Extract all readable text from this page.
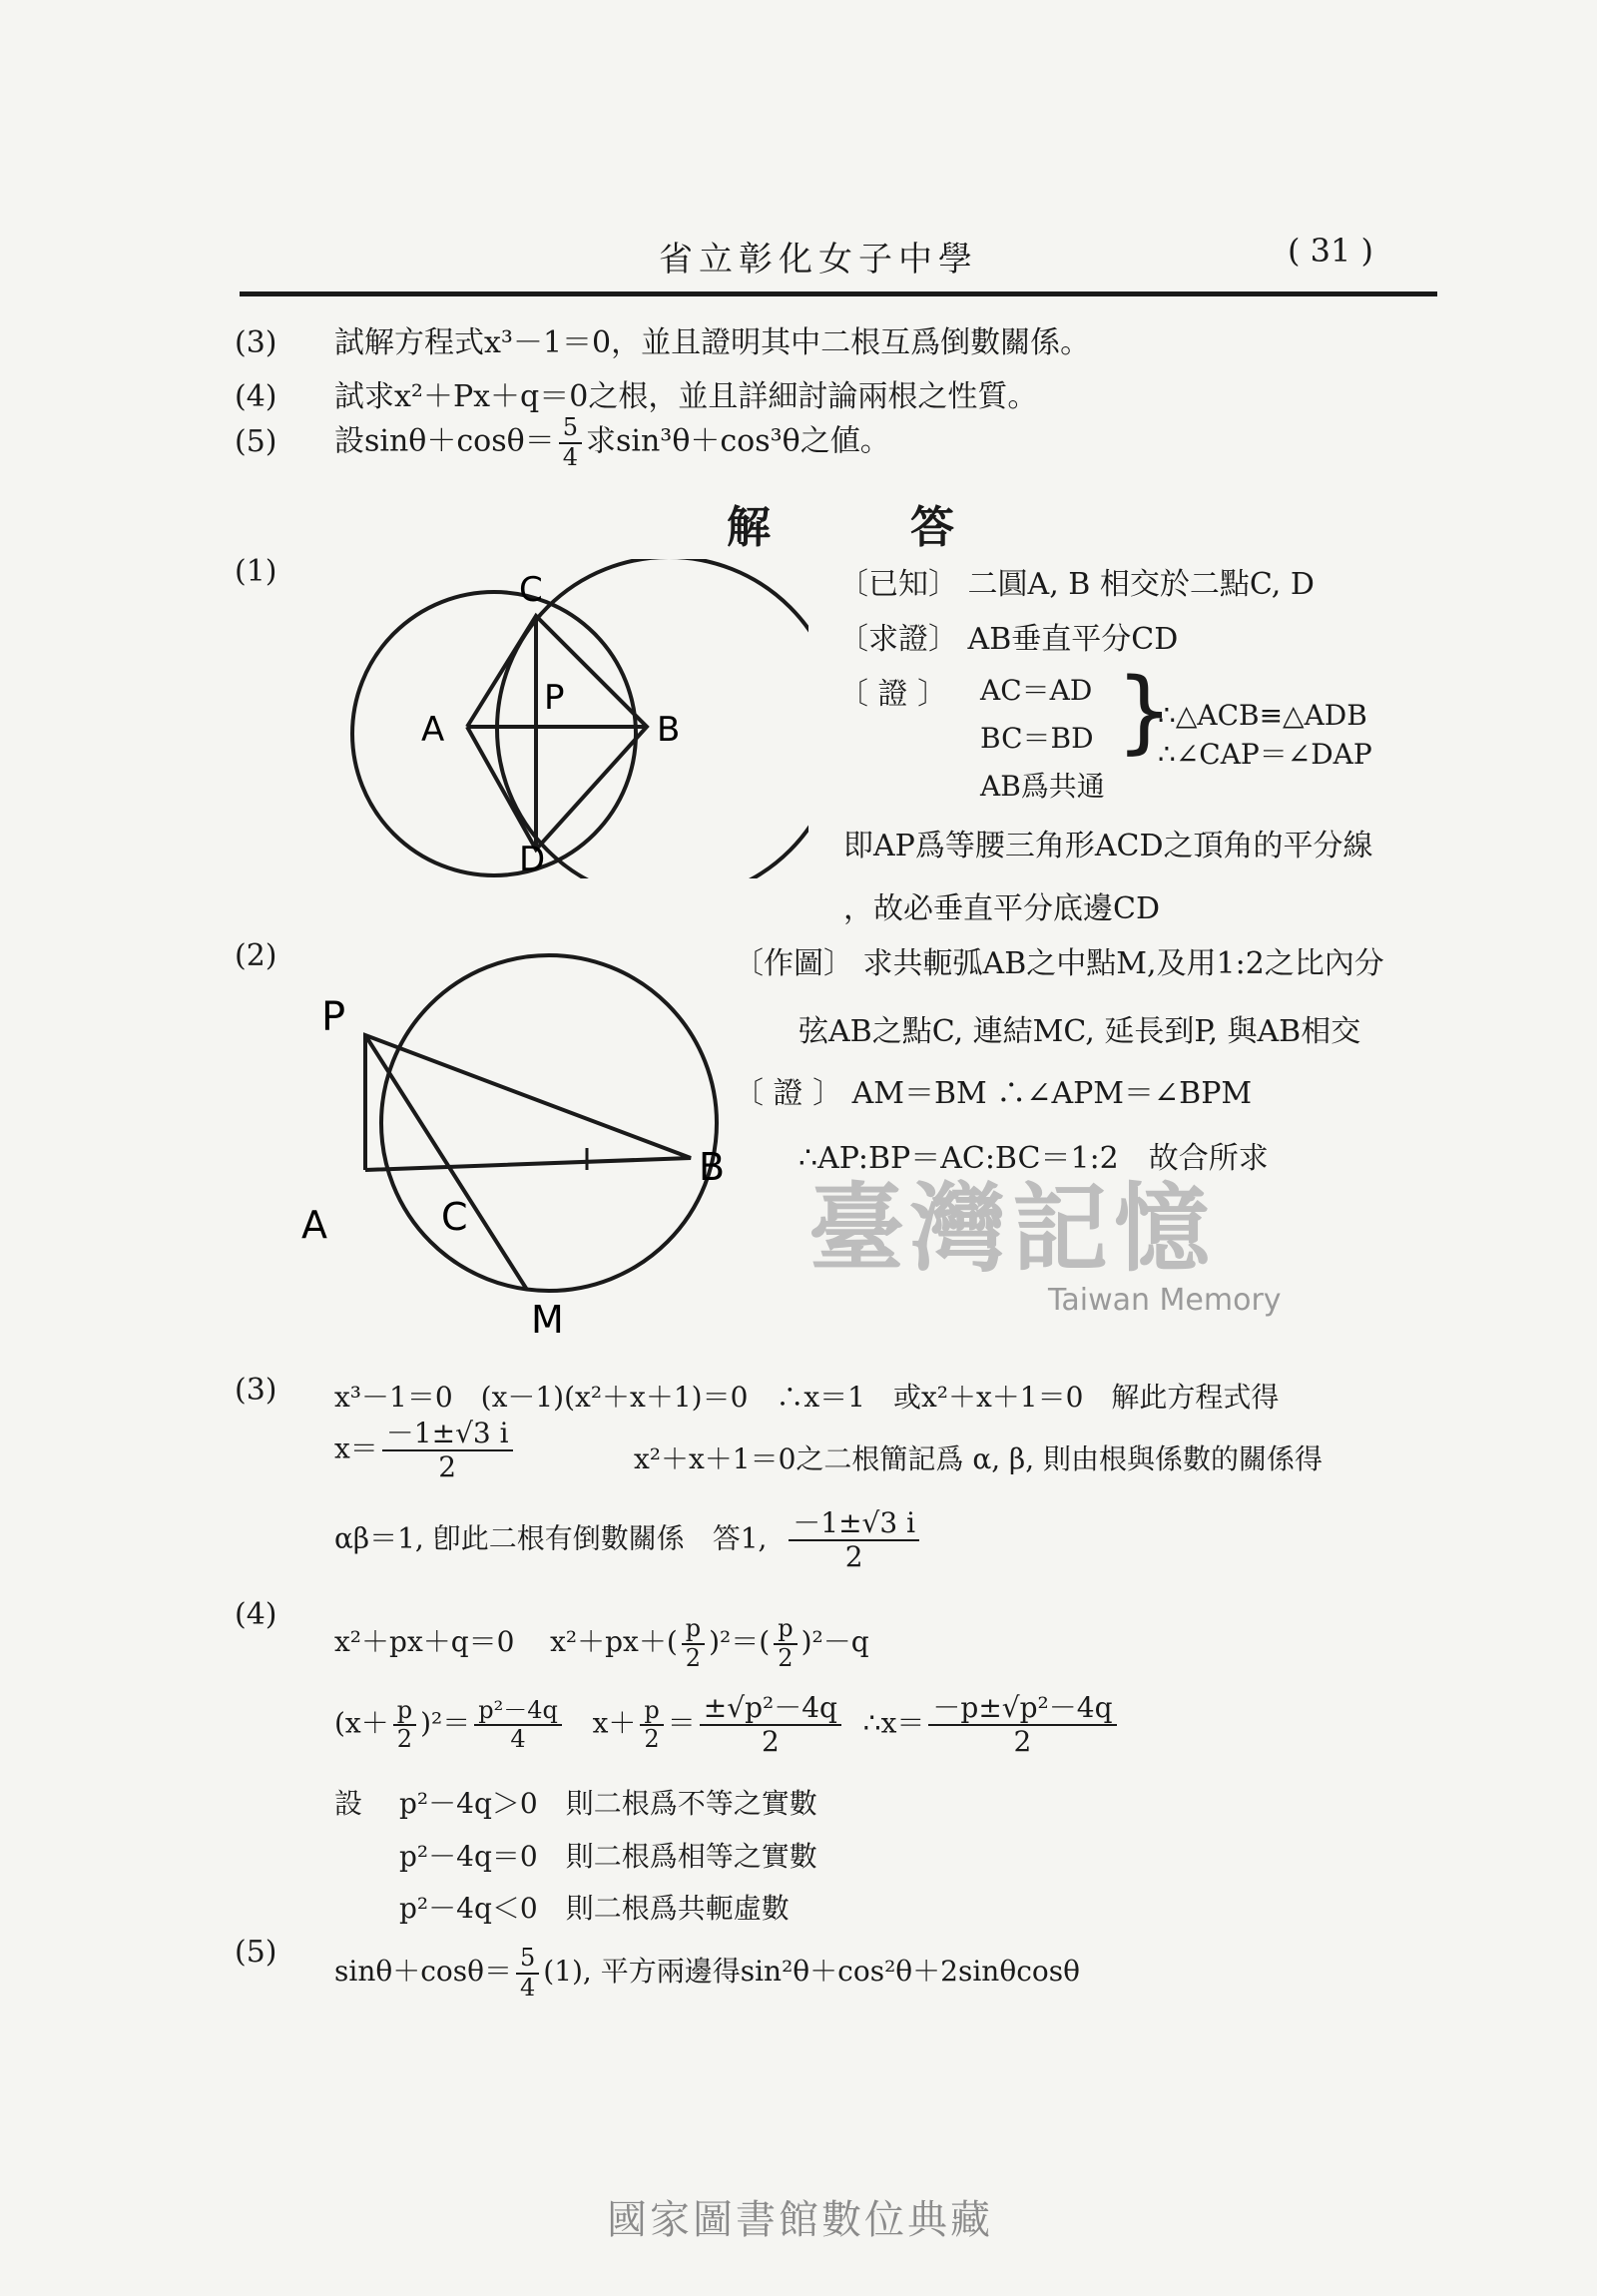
省立彰化女子中學	( 31 )
(3) 試解方程式x³－1＝0，並且證明其中二根互爲倒數關係。
(4) 試求x²＋Px＋q＝0之根，並且詳細討論兩根之性質。
(5) 設$\sin\theta+\cos\theta= \frac{5}{4}$ 求sin³θ＋cos³θ之値。
解答
(1)	C
P
A	B
D
〔已知〕 二圓A, B 相交於二點C, D
〔求證〕 AB垂直平分CD
〔 證 〕 AC＝AD
BC＝BD
AB爲共通
}
∴△ACB≡△ADB
∴∠CAP＝∠DAP
即AP爲等腰三角形ACD之頂角的平分線
，故必垂直平分底邊CD
(2)
P
B
A	C
M
〔作圖〕 求共軛弧AB之中點M,及用1:2之比內分
弦AB之點C, 連結MC, 延長到P, 與AB相交
〔 證 〕 AM＝BM ∴∠APM＝∠BPM
∴AP:BP＝AC:BC＝1:2　故合所求
臺灣記憶
Taiwan Memory
(3) x³－1＝0　(x－1)(x²＋x＋1)＝0　∴x＝1　或x²＋x＋1＝0　解此方程式得
$x= \frac{-1\pm√3 i}{2}$	x²＋x＋1＝0之二根簡記爲 α, β, 則由根與係數的關係得
αβ＝1, 卽此二根有倒數關係　答1, $\frac{-1\pm√3 i}{2}$
(4)
x²＋px＋q＝0 $x^2+px+( \frac{p}{2} )^2=( \frac{p}{2} )^2-q$
$(x+ \frac{p}{2} )^2= \frac{\text{p²－4q}}{4} x+ \frac{p}{2} = \frac{\text{±√p²－4q}}{2}$ ∴x＝ $\frac{\text{－p±√p²－4q}}{2}$
設 p²－4q＞0　則二根爲不等之實數
p²－4q＝0　則二根爲相等之實數
p²－4q＜0　則二根爲共軛虛數
(5)
$\sin\theta+\cos\theta= \frac{5}{4} (1)$, 平方兩邊得sin²θ＋cos²θ＋2sinθcosθ
國家圖書館數位典藏
